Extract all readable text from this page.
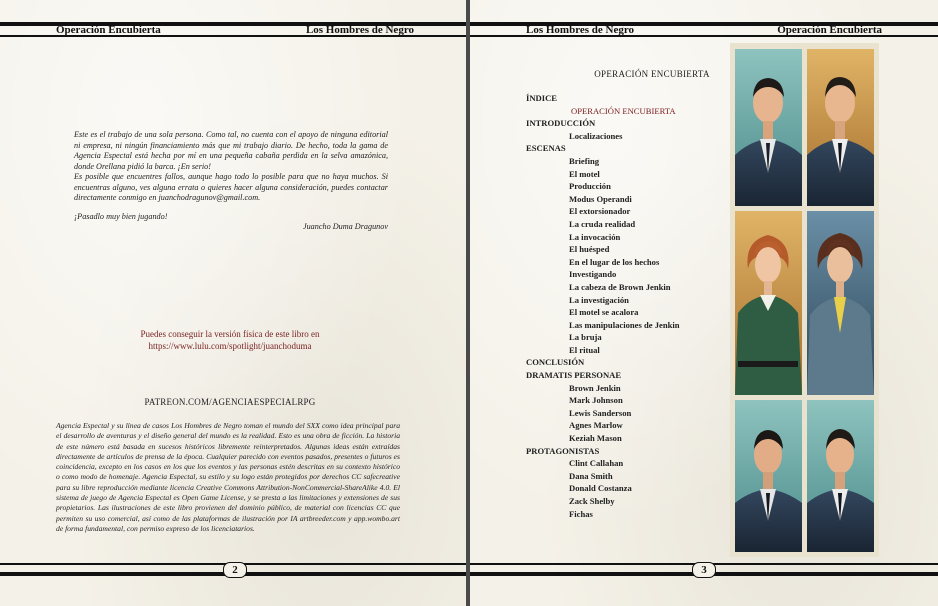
Operación Encubierta	Los Hombres de Negro
Este es el trabajo de una sola persona. Como tal, no cuenta con el apoyo de ninguna editorial ni empresa, ni ningún financiamiento más que mi trabajo diario. De hecho, toda la gama de Agencia Espectal está hecha por mí en una pequeña cabaña perdida en la selva amazónica, donde Orellana pidió la barca. ¡En serio!
Es posible que encuentres fallos, aunque hago todo lo posible para que no haya muchos. Si encuentras alguno, ves alguna errata o quieres hacer alguna consideración, puedes contactar directamente conmigo en juanchodragunov@gmail.com.
¡Pasadlo muy bien jugando!
Juancho Duma Dragunov
Puedes conseguir la versión física de este libro en
https://www.lulu.com/spotlight/juanchoduma
PATREON.COM/AGENCIAESPECIALRPG
Agencia Espectal y su línea de casos Los Hombres de Negro toman el mundo del SXX como idea principal para el desarrollo de aventuras y el diseño general del mundo es la realidad. Esto es una obra de ficción. La historia de este número está basada en sucesos históricos libremente reinterpretados. Algunas ideas están extraídas directamente de artículos de prensa de la época. Cualquier parecido con eventos pasados, presentes o futuros es coincidencia, excepto en los casos en los que los eventos y las personas estén descritas en su contexto histórico o como modo de homenaje. Agencia Espectal, su estilo y su logo están protegidos por derechos CC safecreative para su libre reproducción mediante licencia Creative Commons Attribution-NonCommercial-ShareAlike 4.0. El sistema de juego de Agencia Espectal es Open Game License, y se presta a las limitaciones y extensiones de sus propietarios. Las ilustraciones de este libro provienen del dominio público, de material con licencias CC que permiten su uso comercial, así como de las plataformas de ilustración por IA artbreeder.com y app.wombo.art de forma fundamental, con permiso expreso de los licenciatarios.
2
Los Hombres de Negro	Operación Encubierta
OPERACIÓN ENCUBIERTA
ÍNDICE
OPERACIÓN ENCUBIERTA
INTRODUCCIÓN
Localizaciones
ESCENAS
Briefing
El motel
Producción
Modus Operandi
El extorsionador
La cruda realidad
La invocación
El huésped
En el lugar de los hechos
Investigando
La cabeza de Brown Jenkin
La investigación
El motel se acalora
Las manipulaciones de Jenkin
La bruja
El ritual
CONCLUSIÓN
DRAMATIS PERSONAE
Brown Jenkin
Mark Johnson
Lewis Sanderson
Agnes Marlow
Keziah Mason
PROTAGONISTAS
Clint Callahan
Dana Smith
Donald Costanza
Zack Shelby
Fichas
3
